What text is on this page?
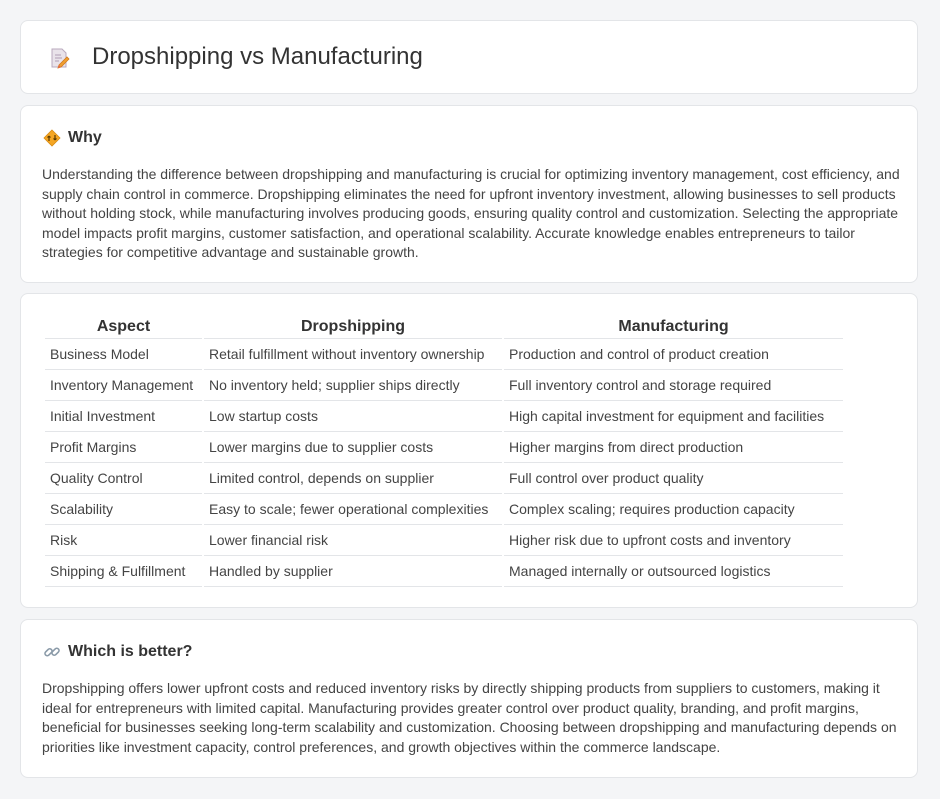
Dropshipping vs Manufacturing
Why

Understanding the difference between dropshipping and manufacturing is crucial for optimizing inventory management, cost efficiency, and supply chain control in commerce. Dropshipping eliminates the need for upfront inventory investment, allowing businesses to sell products without holding stock, while manufacturing involves producing goods, ensuring quality control and customization. Selecting the appropriate model impacts profit margins, customer satisfaction, and operational scalability. Accurate knowledge enables entrepreneurs to tailor strategies for competitive advantage and sustainable growth.

Aspect	Dropshipping	Manufacturing
Business Model	Retail fulfillment without inventory ownership	Production and control of product creation
Inventory Management	No inventory held; supplier ships directly	Full inventory control and storage required
Initial Investment	Low startup costs	High capital investment for equipment and facilities
Profit Margins	Lower margins due to supplier costs	Higher margins from direct production
Quality Control	Limited control, depends on supplier	Full control over product quality
Scalability	Easy to scale; fewer operational complexities	Complex scaling; requires production capacity
Risk	Lower financial risk	Higher risk due to upfront costs and inventory
Shipping & Fulfillment	Handled by supplier	Managed internally or outsourced logistics
Which is better?

Dropshipping offers lower upfront costs and reduced inventory risks by directly shipping products from suppliers to customers, making it ideal for entrepreneurs with limited capital. Manufacturing provides greater control over product quality, branding, and profit margins, beneficial for businesses seeking long-term scalability and customization. Choosing between dropshipping and manufacturing depends on priorities like investment capacity, control preferences, and growth objectives within the commerce landscape.
